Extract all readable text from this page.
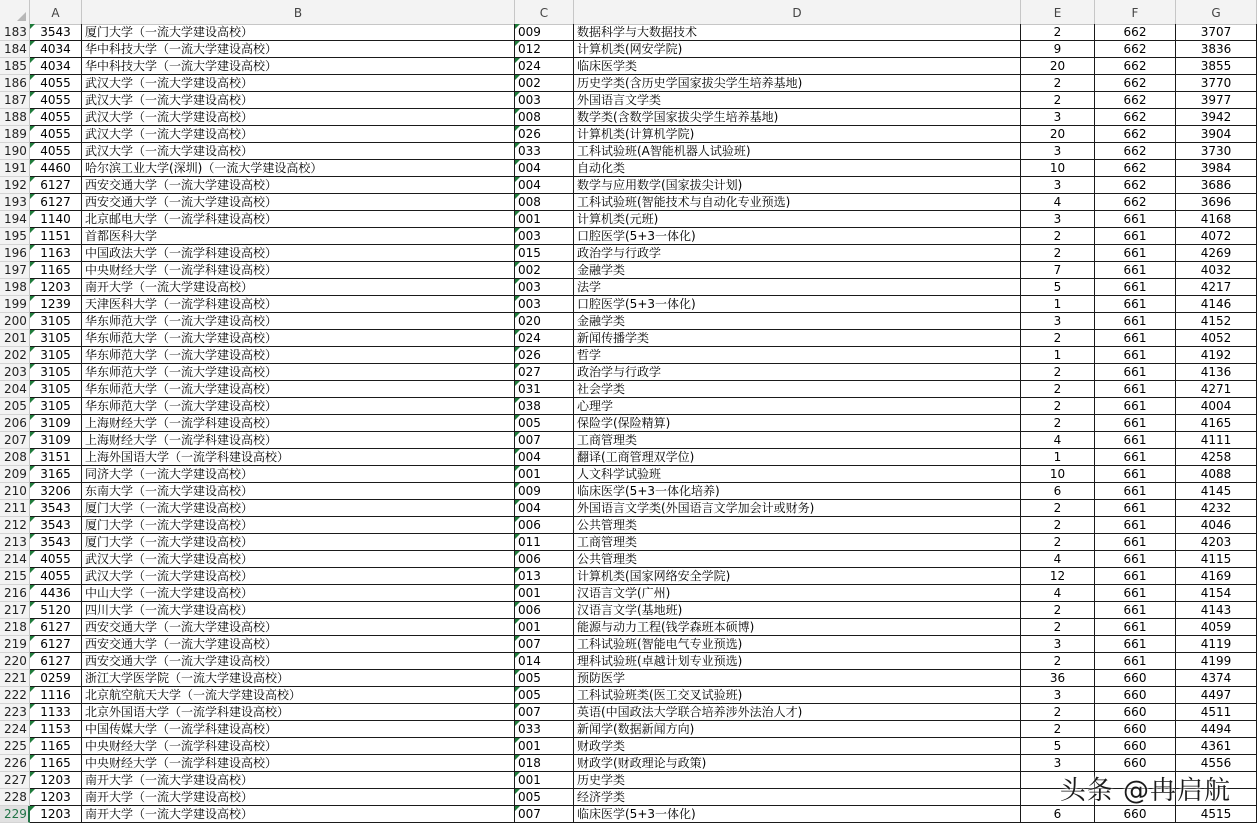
A	B	C	D	E	F	G
183	3543	厦门大学（一流大学建设高校）	009	数据科学与大数据技术	2	662	3707
184	4034	华中科技大学（一流大学建设高校）	012	计算机类(网安学院)	9	662	3836
185	4034	华中科技大学（一流大学建设高校）	024	临床医学类	20	662	3855
186	4055	武汉大学（一流大学建设高校）	002	历史学类(含历史学国家拔尖学生培养基地)	2	662	3770
187	4055	武汉大学（一流大学建设高校）	003	外国语言文学类	2	662	3977
188	4055	武汉大学（一流大学建设高校）	008	数学类(含数学国家拔尖学生培养基地)	3	662	3942
189	4055	武汉大学（一流大学建设高校）	026	计算机类(计算机学院)	20	662	3904
190	4055	武汉大学（一流大学建设高校）	033	工科试验班(A智能机器人试验班)	3	662	3730
191	4460	哈尔滨工业大学(深圳)（一流大学建设高校）	004	自动化类	10	662	3984
192	6127	西安交通大学（一流大学建设高校）	004	数学与应用数学(国家拔尖计划)	3	662	3686
193	6127	西安交通大学（一流大学建设高校）	008	工科试验班(智能技术与自动化专业预选)	4	662	3696
194	1140	北京邮电大学（一流学科建设高校）	001	计算机类(元班)	3	661	4168
195	1151	首都医科大学	003	口腔医学(5+3一体化)	2	661	4072
196	1163	中国政法大学（一流学科建设高校）	015	政治学与行政学	2	661	4269
197	1165	中央财经大学（一流学科建设高校）	002	金融学类	7	661	4032
198	1203	南开大学（一流大学建设高校）	003	法学	5	661	4217
199	1239	天津医科大学（一流学科建设高校）	003	口腔医学(5+3一体化)	1	661	4146
200	3105	华东师范大学（一流大学建设高校）	020	金融学类	3	661	4152
201	3105	华东师范大学（一流大学建设高校）	024	新闻传播学类	2	661	4052
202	3105	华东师范大学（一流大学建设高校）	026	哲学	1	661	4192
203	3105	华东师范大学（一流大学建设高校）	027	政治学与行政学	2	661	4136
204	3105	华东师范大学（一流大学建设高校）	031	社会学类	2	661	4271
205	3105	华东师范大学（一流大学建设高校）	038	心理学	2	661	4004
206	3109	上海财经大学（一流学科建设高校）	005	保险学(保险精算)	2	661	4165
207	3109	上海财经大学（一流学科建设高校）	007	工商管理类	4	661	4111
208	3151	上海外国语大学（一流学科建设高校）	004	翻译(工商管理双学位)	1	661	4258
209	3165	同济大学（一流大学建设高校）	001	人文科学试验班	10	661	4088
210	3206	东南大学（一流大学建设高校）	009	临床医学(5+3一体化培养)	6	661	4145
211	3543	厦门大学（一流大学建设高校）	004	外国语言文学类(外国语言文学加会计或财务)	2	661	4232
212	3543	厦门大学（一流大学建设高校）	006	公共管理类	2	661	4046
213	3543	厦门大学（一流大学建设高校）	011	工商管理类	2	661	4203
214	4055	武汉大学（一流大学建设高校）	006	公共管理类	4	661	4115
215	4055	武汉大学（一流大学建设高校）	013	计算机类(国家网络安全学院)	12	661	4169
216	4436	中山大学（一流大学建设高校）	001	汉语言文学(广州)	4	661	4154
217	5120	四川大学（一流大学建设高校）	006	汉语言文学(基地班)	2	661	4143
218	6127	西安交通大学（一流大学建设高校）	001	能源与动力工程(钱学森班本硕博)	2	661	4059
219	6127	西安交通大学（一流大学建设高校）	007	工科试验班(智能电气专业预选)	3	661	4119
220	6127	西安交通大学（一流大学建设高校）	014	理科试验班(卓越计划专业预选)	2	661	4199
221	0259	浙江大学医学院（一流大学建设高校）	005	预防医学	36	660	4374
222	1116	北京航空航天大学（一流大学建设高校）	005	工科试验班类(医工交叉试验班)	3	660	4497
223	1133	北京外国语大学（一流学科建设高校）	007	英语(中国政法大学联合培养涉外法治人才)	2	660	4511
224	1153	中国传媒大学（一流学科建设高校）	033	新闻学(数据新闻方向)	2	660	4494
225	1165	中央财经大学（一流学科建设高校）	001	财政学类	5	660	4361
226	1165	中央财经大学（一流学科建设高校）	018	财政学(财政理论与政策)	3	660	4556
227	1203	南开大学（一流大学建设高校）	001	历史学类
228	1203	南开大学（一流大学建设高校）	005	经济学类
229	1203	南开大学（一流大学建设高校）	007	临床医学(5+3一体化)	6	660	4515
头条 @冉启航
